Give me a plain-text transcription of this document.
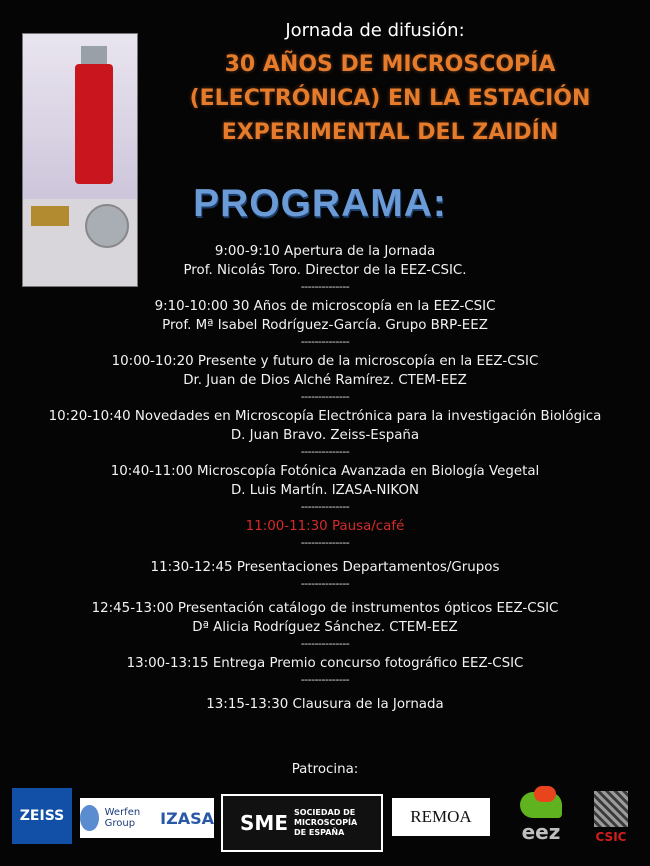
Jornada de difusión:
30 AÑOS DE MICROSCOPÍA
(ELECTRÓNICA) EN LA ESTACIÓN
EXPERIMENTAL DEL ZAIDÍN
PROGRAMA:
9:00-9:10 Apertura de la Jornada
Prof. Nicolás Toro. Director de la EEZ-CSIC.
--------------
9:10-10:00 30 Años de microscopía en la EEZ-CSIC
Prof. Mª Isabel Rodríguez-García. Grupo BRP-EEZ
--------------
10:00-10:20 Presente y futuro de la microscopía en la EEZ-CSIC
Dr. Juan de Dios Alché Ramírez. CTEM-EEZ
--------------
10:20-10:40 Novedades en Microscopía Electrónica para la investigación Biológica
D. Juan Bravo. Zeiss-España
--------------
10:40-11:00 Microscopía Fotónica Avanzada en Biología Vegetal
D. Luis Martín. IZASA-NIKON
--------------
11:00-11:30 Pausa/café
--------------
11:30-12:45 Presentaciones Departamentos/Grupos
--------------
12:45-13:00 Presentación catálogo de instrumentos ópticos EEZ-CSIC
Dª Alicia Rodríguez Sánchez. CTEM-EEZ
--------------
13:00-13:15 Entrega Premio concurso fotográfico EEZ-CSIC
--------------
13:15-13:30 Clausura de la Jornada
Patrocina:
ZEISS	Werfen Group	IZASA SME SOCIEDAD DE MICROSCOPÍA DE ESPAÑA
REMOA
eez	CSIC
